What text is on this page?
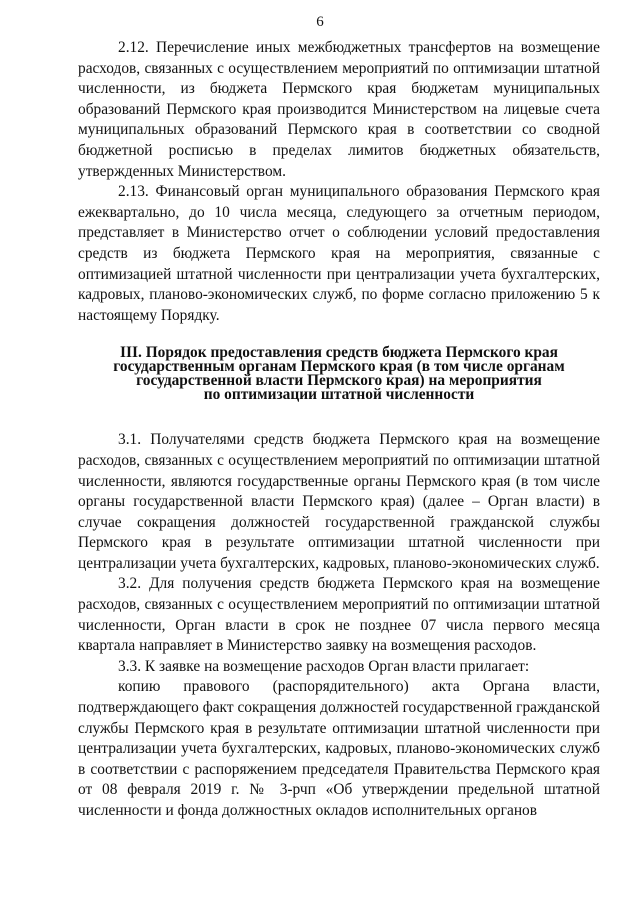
6

2.12. Перечисление иных межбюджетных трансфертов на возмещение расходов, связанных с осуществлением мероприятий по оптимизации штатной численности, из бюджета Пермского края бюджетам муниципальных образований Пермского края производится Министерством на лицевые счета муниципальных образований Пермского края в соответствии со сводной бюджетной росписью в пределах лимитов бюджетных обязательств, утвержденных Министерством.

2.13. Финансовый орган муниципального образования Пермского края ежеквартально, до 10 числа месяца, следующего за отчетным периодом, представляет в Министерство отчет о соблюдении условий предоставления средств из бюджета Пермского края на мероприятия, связанные с оптимизацией штатной численности при централизации учета бухгалтерских, кадровых, планово-экономических служб, по форме согласно приложению 5 к настоящему Порядку.

III. Порядок предоставления средств бюджета Пермского края
государственным органам Пермского края (в том числе органам
государственной власти Пермского края) на мероприятия
по оптимизации штатной численности

3.1. Получателями средств бюджета Пермского края на возмещение расходов, связанных с осуществлением мероприятий по оптимизации штатной численности, являются государственные органы Пермского края (в том числе органы государственной власти Пермского края) (далее – Орган власти) в случае сокращения должностей государственной гражданской службы Пермского края в результате оптимизации штатной численности при централизации учета бухгалтерских, кадровых, планово-экономических служб.

3.2. Для получения средств бюджета Пермского края на возмещение расходов, связанных с осуществлением мероприятий по оптимизации штатной численности, Орган власти в срок не позднее 07 числа первого месяца квартала направляет в Министерство заявку на возмещения расходов.

3.3. К заявке на возмещение расходов Орган власти прилагает:

копию правового (распорядительного) акта Органа власти, подтверждающего факт сокращения должностей государственной гражданской службы Пермского края в результате оптимизации штатной численности при централизации учета бухгалтерских, кадровых, планово-экономических служб в соответствии с распоряжением председателя Правительства Пермского края от 08 февраля 2019 г. № 3-рчп «Об утверждении предельной штатной численности и фонда должностных окладов исполнительных органов
